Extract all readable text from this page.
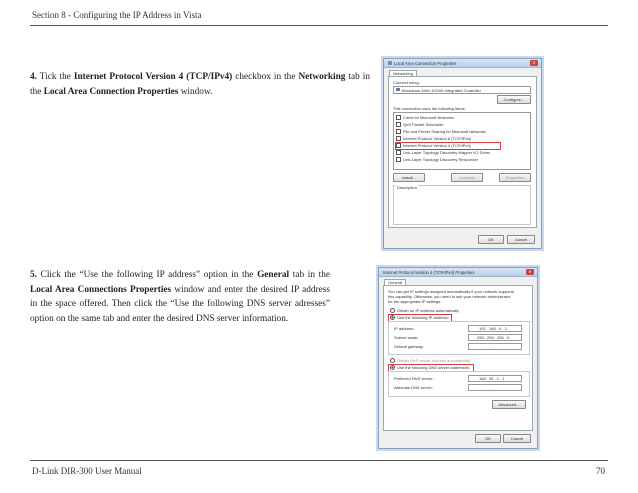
Section 8 - Configuring the IP Address in Vista
4. Tick the Internet Protocol Version 4 (TCP/IPv4) checkbox in the Networking tab in the Local Area Connection Properties window.
5. Click the “Use the following IP address” option in the General tab in the Local Area Connections Properties window and enter the desired IP address in the space offered. Then click the “Use the following DNS server adresses” option on the same tab and enter the desired DNS server information.
Local Area Connection Properties	✕
Networking
Connect using:
Broadcom 440x 10/100 Integrated Controller
Configure...
This connection uses the following items:
Client for Microsoft Networks
QoS Packet Scheduler
File and Printer Sharing for Microsoft Networks
Internet Protocol Version 6 (TCP/IPv6)
Internet Protocol Version 4 (TCP/IPv4)
Link-Layer Topology Discovery Mapper I/O Driver
Link-Layer Topology Discovery Responder
Install...	Uninstall	Properties
Description
OK	Cancel
Internet Protocol Version 4 (TCP/IPv4) Properties	✕
General
You can get IP settings assigned automatically if your network supports
this capability. Otherwise, you need to ask your network administrator
for the appropriate IP settings.
Obtain an IP address automatically
Use the following IP address:
IP address:	192 . 168 . 0 . 2
Subnet mask:	255 . 255 . 255 . 0
Default gateway:	. . .
Obtain DNS server address automatically
Use the following DNS server addresses:
Preferred DNS server:	168 . 95 . 1 . 1
Alternate DNS server:	. . .
Advanced...
OK	Cancel
D-Link DIR-300 User Manual	70
